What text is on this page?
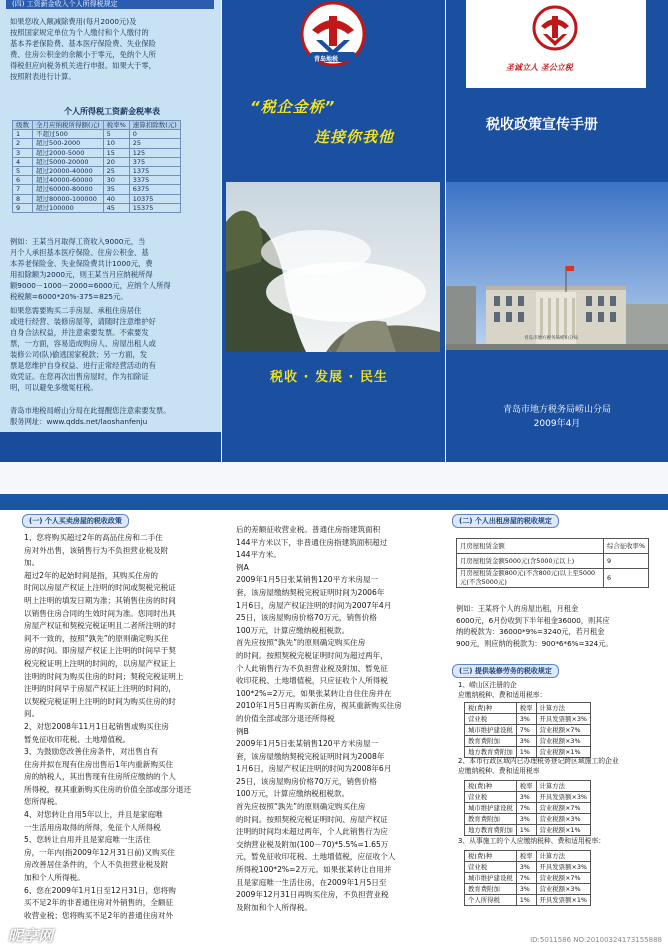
(四) 工资薪金收入个人所得税规定
如果您收入额减除费用(每月2000元)及
按照国家规定单位为个人缴付和个人缴付的
基本养老保险费、基本医疗保险费、失业保险
费、住房公积金的余额小于零元，免纳个人所
得税但应向税务机关进行申报。如果大于零，
按照附表进行计算。
个人所得税工资薪金税率表
级数	全月应纳税所得额(元)	税率%	速算扣除数(元)
1	不超过500	5	0
2	超过500-2000	10	25
3	超过2000-5000	15	125
4	超过5000-20000	20	375
5	超过20000-40000	25	1375
6	超过40000-60000	30	3375
7	超过60000-80000	35	6375
8	超过80000-100000	40	10375
9	超过100000	45	15375
例如：王某当月取得工资收入9000元，当
月个人承担基本医疗保险、住房公积金、基
本养老保险金、失业保险费共计1000元，费
用扣除额为2000元，则王某当月应纳税所得
额9000－1000－2000=6000元，应纳个人所得
税税额=6000*20%-375=825元。
如果您需要购买二手房屋、承租住房居住
或进行经营、装修房屋等，请随时注意维护好
自身合法权益，并注意索要发票。不索要发
票，一方面，容易造成购房人、房屋出租人或
装修公司(队)偷逃国家税款；另一方面，发
票是您维护自身权益、进行正常经营活动的有
效凭证。在您再次出售房屋时，作为扣除证
明，可以避免多缴冤枉税。
青岛市地税局崂山分局在此提醒您注意索要发票。
服务网址：www.qdds.net/laoshanfenju
青岛地税
“税企金桥”
连接你我他
税收 · 发展 · 民生
圣诚立人 圣公立税
税收政策宣传手册
青岛市地方税务局崂山分局
青岛市地方税务局崂山分局
2009年4月
(一) 个人买卖房屋的税收政策
1、您将购买超过2年的高品住房和二手住
房对外出售，该销售行为不负担营业税及附
加。
超过2年的起始时间是指，其购买住房的
时间以房屋产权证上注明的时间或契税完税证
明上注明的填发日期为准；其销售住房的时间
以销售住房合同的生效时间为准。您同时出具
房屋产权证和契税完税证明且二者所注明的时
间不一致的，按照“孰先”的原则确定购买住
房的时间。即房屋产权证上注明的时间早于契
税完税证明上注明的时间的，以房屋产权证上
注明的时间为购买住房的时间；契税完税证明上
注明的时间早于房屋产权证上注明的时间的，
以契税完税证明上注明的时间为购买住房的时
间。
2、对您2008年11月1日起销售或购买住房
暂免征收印花税、土地增值税。
3、为鼓励您改善住房条件，对出售自有
住房并拟在现有住房出售后1年内重新购买住
房的纳税人，其出售现有住房所应缴纳的个人
所得税，视其重新购买住房的价值全部或部分退还
您所得税。
4、对您转让自用5年以上，并且是家庭唯
一生活用房取得的所得，免征个人所得税
5、您转让自用并且是家庭唯一生活住
房，一年内(指2009年12月31日前)又购买住
房改善居住条件的，个人不负担营业税及附
加和个人所得税。
6、您在2009年1月1日至12月31日，您将购
买不足2年的非普通住房对外销售的，全额征
收营业税；您将购买不足2年的普通住房对外
后的差额征收营业税。普通住房指建筑面积
144平方米以下，非普通住房指建筑面积超过
144平方米。
例A
2009年1月5日张某销售120平方米房屋一
套，该房屋缴纳契税完税证明时间为2006年
1月6日，房屋产权证注明的时间为2007年4月
25日，该房屋购房价格70万元，销售价格
100万元，计算应缴纳税租税款。
首先应按照“孰先”的原则确定购买住房
的时间。按照契税完税证明时间为超过两年，
个人此销售行为不负担营业税及附加、暂免征
收印花税、土地增值税，只应征收个人所得税
100*2%=2万元，如果张某转让自住住房并在
2010年1月5日再购买新住房，视其重新购买住房
的价值全部或部分退还所得税
例B
2009年1月5日张某销售120平方米房屋一
套，该房屋缴纳契税完税证明时间为2008年
1月6日，房屋产权证注明的时间为2008年6月
25日，该房屋购房价格70万元，销售价格
100万元，计算应缴纳税租税款。
首先应按照“孰先”的原则确定购买住房
的时间。按照契税完税证明时间、房屋产权证
注明的时间均未超过两年，个人此销售行为应
交纳营业税及附加(100－70)*5.5%=1.65万
元，暂免征收印花税、土地增值税，应征收个人
所得税100*2%=2万元。如果张某转让自用并
且是家庭唯一生活住房，在2009年1月5日至
2009年12月31日再购买住房，不负担营业税
及附加和个人所得税。
(二) 个人出租房屋的税收规定
月房屋租赁金额	综合征收率%
月房屋租赁金额5000元(含5000元以上)	9
月房屋租赁金额800元(不含800元)以上至5000元(不含5000元)	6
例如：王某将个人的房屋出租，月租金
6000元，6月份收到下半年租金36000，则其应
纳的税款为：36000*9%=3240元，若月租金
900元，则应纳的税款为：900*6*6%=324元。
(三) 提供装修劳务的税收规定
1、崂山区注册的企
应缴纳税种、费和适用税率：
税(费)种	税率	计算方法
营业税	3%	开具发票额×3%
城市维护建设税	7%	营业税额×7%
教育费附加	3%	营业税额×3%
地方教育费附加	1%	营业税额×1%
2、本市行政区域内已办理税务登记跨区域施工的企业
应缴纳税种、费和适用税率
税(费)种	税率	计算方法
营业税	3%	开具发票额×3%
城市维护建设税	7%	营业税额×7%
教育费附加	3%	营业税额×3%
地方教育费附加	1%	营业税额×1%
3、从事施工的个人应缴纳税种、费和适用税率：
税(费)种	税率	计算方法
营业税	3%	开具发票额×3%
城市维护建设税	7%	营业税额×7%
教育费附加	3%	营业税额×3%
个人所得税	1%	开具发票额×1%
昵享网	ID:5011586 NO:20100324173155888
